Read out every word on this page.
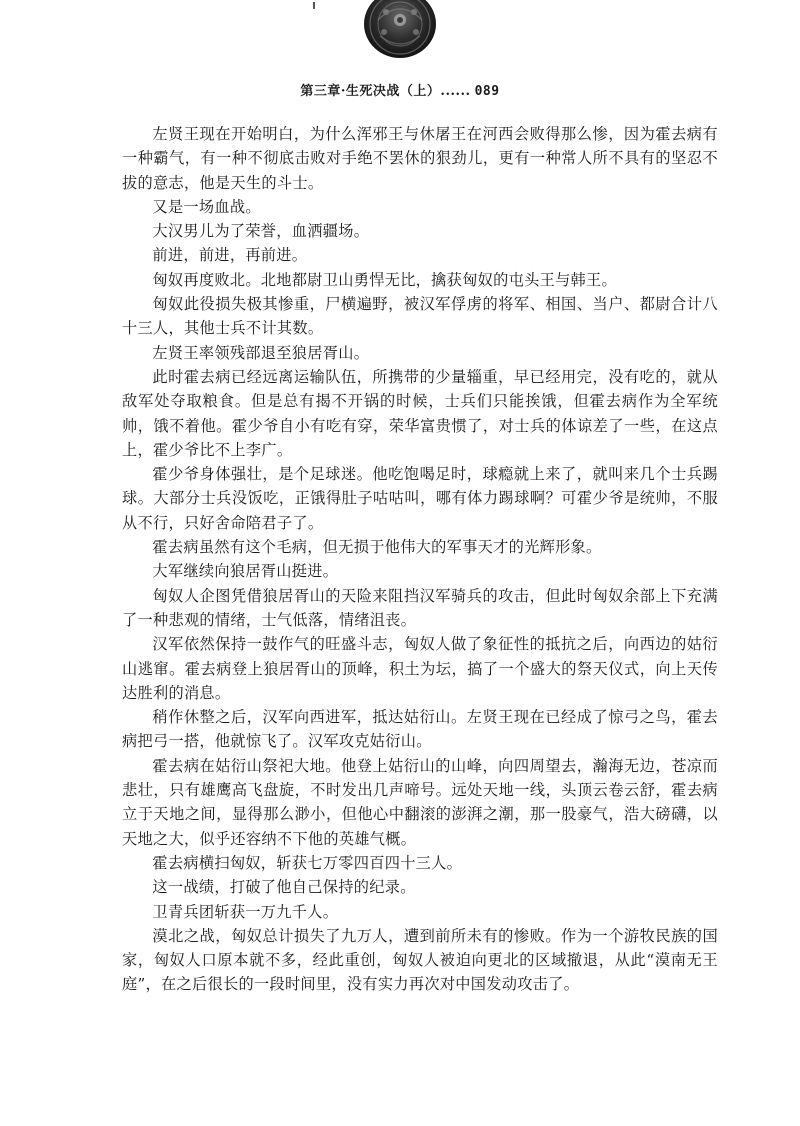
第三章·生死决战（上）...... 089

左贤王现在开始明白，为什么浑邪王与休屠王在河西会败得那么惨，因为霍去病有一种霸气，有一种不彻底击败对手绝不罢休的狠劲儿，更有一种常人所不具有的坚忍不拔的意志，他是天生的斗士。

又是一场血战。

大汉男儿为了荣誉，血洒疆场。

前进，前进，再前进。

匈奴再度败北。北地都尉卫山勇悍无比，擒获匈奴的屯头王与韩王。

匈奴此役损失极其惨重，尸横遍野，被汉军俘虏的将军、相国、当户、都尉合计八十三人，其他士兵不计其数。

左贤王率领残部退至狼居胥山。

此时霍去病已经远离运输队伍，所携带的少量辎重，早已经用完，没有吃的，就从敌军处夺取粮食。但是总有揭不开锅的时候，士兵们只能挨饿，但霍去病作为全军统帅，饿不着他。霍少爷自小有吃有穿，荣华富贵惯了，对士兵的体谅差了一些，在这点上，霍少爷比不上李广。

霍少爷身体强壮，是个足球迷。他吃饱喝足时，球瘾就上来了，就叫来几个士兵踢球。大部分士兵没饭吃，正饿得肚子咕咕叫，哪有体力踢球啊？可霍少爷是统帅，不服从不行，只好舍命陪君子了。

霍去病虽然有这个毛病，但无损于他伟大的军事天才的光辉形象。

大军继续向狼居胥山挺进。

匈奴人企图凭借狼居胥山的天险来阻挡汉军骑兵的攻击，但此时匈奴余部上下充满了一种悲观的情绪，士气低落，情绪沮丧。

汉军依然保持一鼓作气的旺盛斗志，匈奴人做了象征性的抵抗之后，向西边的姑衍山逃窜。霍去病登上狼居胥山的顶峰，积土为坛，搞了一个盛大的祭天仪式，向上天传达胜利的消息。

稍作休整之后，汉军向西进军，抵达姑衍山。左贤王现在已经成了惊弓之鸟，霍去病把弓一搭，他就惊飞了。汉军攻克姑衍山。

霍去病在姑衍山祭祀大地。他登上姑衍山的山峰，向四周望去，瀚海无边，苍凉而悲壮，只有雄鹰高飞盘旋，不时发出几声啼号。远处天地一线，头顶云卷云舒，霍去病立于天地之间，显得那么渺小，但他心中翻滚的澎湃之潮，那一股豪气，浩大磅礴，以天地之大，似乎还容纳不下他的英雄气概。

霍去病横扫匈奴，斩获七万零四百四十三人。

这一战绩，打破了他自己保持的纪录。

卫青兵团斩获一万九千人。

漠北之战，匈奴总计损失了九万人，遭到前所未有的惨败。作为一个游牧民族的国家，匈奴人口原本就不多，经此重创，匈奴人被迫向更北的区域撤退，从此“漠南无王庭”，在之后很长的一段时间里，没有实力再次对中国发动攻击了。
